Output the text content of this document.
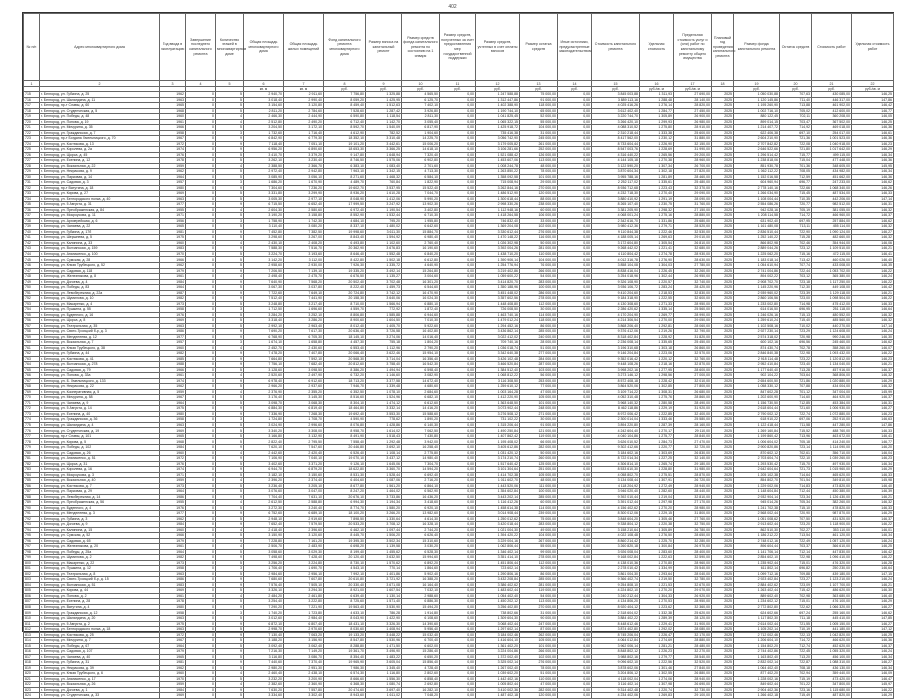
402
№ п/п	Адрес многоквартирного дома	Год ввода в эксплуатацию	Завершение последнего капитального ремонта	Количество этажей в многоквартирном доме	Общая площадь многоквартирного дома	Общая площадь жилых помещений	Фонд капитального ремонта многоквартирного дома	Размер взноса на капитальный ремонт	Размер средств фонда капитального ремонта по состоянию на 1 января	Размер средств, полученных за счет предоставления мер государственной поддержки	Размер средств, учтенных в счет оплаты взносов	Размер остатка средств	Иные источники, предусмотренные законодательством	Стоимость капитального ремонта	Удельная стоимость	Предельная стоимость услуг и (или) работ по капитальному ремонту общего имущества	Плановый год проведения капитального ремонта	Размер фонда капитального ремонта	Остаток средств	Стоимость работ	Удельная стоимость работ
1	2	3	4	5	6	7	8	9	10	11	12	13	14	15	16	17	18	19	20	21	22
					кв. м	кв. м	руб.	руб.	руб.	руб.	руб.	руб.	руб.	руб.	руб./кв. м	руб./кв. м		руб.	руб.	руб.	руб./кв. м
715	г. Белгород, ул. Губкина, д. 25	1962	0	5	2 940,70	2 911,60	7 756,80	1 325,88	4 565,50	0,00	1 247 588,88	75 000,00	0,00	3 845 003,88	1 311,93	27 690,00	2025	1 050 030,88	707,63	430 085,00	146,25
716	г. Белгород, ул. Шаландина, д. 11	1963	0	5	3 018,40	2 990,40	8 059,20	1 425,95	6 125,70	0,00	1 312 447,86	91 000,00	0,00	3 889 113,16	1 288,48	28 140,00	2025	1 120 145,86	711,40	446 317,00	147,86
717	г. Белгород, пр-т Славы, д. 60	1965	0	5	3 154,60	3 120,80	8 459,40	1 512,63	7 402,10	0,00	1 402 388,90	118 000,00	0,00	4 025 416,26	1 276,14	28 820,00	2025	1 195 260,90	713,88	461 902,00	146,42
718	г. Белгород, ул. Студенческая, д. 5	1968	0	5	2 811,20	2 784,60	7 528,60	1 287,42	3 926,80	0,00	1 190 744,10	65 000,00	0,00	3 612 402,40	1 284,77	27 450,00	2025	1 002 716,10	705,02	412 600,00	146,77
719	г. Белгород, ул. Победы, д. 48	1960	0	4	2 466,30	2 444,90	6 590,80	1 118,54	2 811,30	0,00	1 041 825,45	52 000,00	0,00	3 220 744,70	1 305,89	26 900,00	2025	880 122,45	702,11	360 208,00	146,05
720	г. Белгород, ул. Попова, д. 19	1961	0	4	2 512,80	2 490,20	6 712,40	1 142,70	3 055,40	0,00	1 065 322,15	55 000,00	0,00	3 266 420,10	1 299,93	26 980,00	2025	899 014,15	703,47	367 502,00	146,25
721	г. Белгород, ул. Мичурина, д. 35	1966	0	5	3 204,50	3 172,10	8 592,70	1 540,09	6 817,90	0,00	1 425 918,72	104 000,00	0,00	4 088 310,52	1 275,80	28 910,00	2025	1 214 407,72	714,92	469 018,00	146,36
722	г. Белгород, ул. Гражданская, д. 7	1958	0	3	1 732,60	1 716,40	4 612,90	782,52	1 904,60	0,00	735 416,38	31 000,00	0,00	2 310 218,44	1 333,38	25 600,00	2025	622 406,38	697,10	254 017,00	146,61
723	г. Белгород, пр-т Богдана Хмельницкого, д. 70	1967	0	9	6 842,90	6 779,30	18 352,10	3 310,48	14 225,70	0,00	3 056 742,90	245 000,00	0,00	8 417 562,00	1 230,12	31 880,00	2025	2 604 210,90	721,36	1 001 523,00	146,36
724	г. Белгород, ул. Костюкова, д. 13	1972	0	9	7 118,40	7 051,10	19 101,20	3 442,61	15 006,20	0,00	3 179 005,82	261 000,00	0,00	8 733 604,44	1 226,90	32 150,00	2025	2 707 842,82	722,08	1 040 918,00	146,23
725	г. Белгород, ул. Королева, д. 2а	1974	0	9	6 956,20	6 890,60	18 653,30	3 366,25	14 618,10	0,00	3 106 281,66	252 000,00	0,00	8 547 003,76	1 228,69	31 990,00	2025	2 646 522,66	721,80	1 017 642,00	146,29
726	г. Белгород, ул. Щорса, д. 45	1976	0	5	3 410,70	3 379,20	9 147,80	1 648,94	7 320,40	0,00	1 521 088,42	126 000,00	0,00	4 316 440,22	1 265,56	29 200,00	2025	1 296 514,42	715,77	499 115,00	146,34
727	г. Белгород, ул. Есенина, д. 12	1978	0	5	3 262,10	3 230,40	8 746,50	1 575,06	6 902,80	0,00	1 453 607,06	113 000,00	0,00	4 144 105,18	1 270,38	28 960,00	2025	1 238 818,06	715,04	477 448,00	146,36
728	г. Белгород, ул. Вокзальная, д. 22	1959	0	4	2 388,50	2 366,70	6 383,10	1 083,40	2 701,60	0,00	1 008 244,78	48 000,00	0,00	3 122 590,20	1 307,34	26 700,00	2025	851 930,78	701,36	348 605,00	145,95
729	г. Белгород, ул. Некрасова, д. 9	1962	0	5	2 972,40	2 942,80	7 963,10	1 342,15	4 713,30	0,00	1 263 850,22	78 000,00	0,00	3 870 604,34	1 302,18	27 820,00	2025	1 062 112,22	708,05	434 982,00	146,34
730	г. Белгород, ул. Парковая, д. 14	1964	0	5	3 085,90	3 056,10	8 271,60	1 468,32	6 584,10	0,00	1 358 092,58	101 000,00	0,00	3 955 788,16	1 281,89	28 460,00	2025	1 152 016,58	712,59	451 662,00	146,36
731	г. Белгород, ул. Садовая, д. 3	1957	0	3	1 686,20	1 670,90	4 489,70	760,84	1 822,90	0,00	715 008,94	29 000,00	0,00	2 252 117,02	1 335,61	25 480,00	2025	604 960,94	696,77	247 233,00	146,62
732	г. Белгород, пр-т Ватутина, д. 18	1980	0	9	7 304,60	7 236,20	19 602,70	3 537,95	15 522,40	0,00	3 262 844,16	270 000,00	0,00	8 936 712,68	1 223,43	32 370,00	2025	2 778 140,16	722,66	1 068 340,00	146,26
733	г. Белгород, ул. Кирова, д. 27	1969	0	5	3 331,80	3 299,90	8 936,20	1 610,28	7 044,70	0,00	1 486 512,90	120 000,00	0,00	4 232 718,30	1 270,40	29 090,00	2025	1 266 034,90	715,45	487 534,00	146,33
734	г. Белгород, ул. Белгородского полка, д. 40	1963	0	5	3 005,30	2 977,10	8 048,90	1 412,06	5 990,20	0,00	1 300 618,44	88 000,00	0,00	3 880 410,92	1 291,19	28 090,00	2025	1 108 004,44	710,35	442 206,00	147,14
735	г. Белгород, ул. 5 Августа, д. 31	1977	0	9	6 715,50	6 652,40	17 999,50	3 247,92	13 902,30	0,00	2 998 330,26	238 000,00	0,00	8 265 107,40	1 230,75	31 760,00	2025	2 554 086,26	720,77	982 512,00	146,31
736	г. Белгород, ул. Преображенская, д. 84	1955	0	4	2 604,30	2 580,60	6 972,40	1 190,54	3 402,80	0,00	1 112 948,16	60 000,00	0,00	3 381 205,90	1 298,32	27 150,00	2025	942 028,16	705,19	381 055,00	146,32
737	г. Белгород, ул. Мокроусова, д. 11	1971	0	5	3 190,20	3 158,80	8 552,90	1 532,44	6 710,30	0,00	1 418 264,58	106 000,00	0,00	4 068 001,24	1 275,16	28 880,00	2025	1 208 114,58	714,72	466 960,00	146,37
738	г. Белгород, ул. Архиерейская, д. 6	1956	0	3	1 758,90	1 742,30	4 684,10	795,20	1 955,80	0,00	746 832,40	33 000,00	0,00	2 342 616,70	1 331,86	25 680,00	2025	631 902,40	697,95	257 884,00	146,62
739	г. Белгород, ул. Чапаева, д. 22	1965	0	5	3 110,40	3 080,20	8 337,10	1 480,02	6 642,60	0,00	1 369 204,08	102 000,00	0,00	3 980 412,36	1 279,71	28 520,00	2025	1 161 480,08	713,11	455 114,00	146,32
740	г. Белгород, ул. Губкина, д. 17б	1981	0	9	7 452,80	7 382,50	19 998,60	3 611,30	15 884,70	0,00	3 330 612,44	276 000,00	0,00	9 110 844,38	1 222,46	32 530,00	2025	2 836 510,44	722,90	1 090 124,00	146,27
741	г. Белгород, ул. Шершнева, д. 5	1975	0	5	3 298,60	3 267,00	8 843,40	1 594,92	6 980,40	0,00	1 470 148,22	116 000,00	0,00	4 188 005,14	1 269,63	29 010,00	2025	1 252 140,22	715,28	482 660,00	146,32
742	г. Белгород, ул. Калинина, д. 33	1960	0	4	2 430,10	2 408,20	6 493,80	1 102,60	2 760,40	0,00	1 026 302,98	50 000,00	0,00	3 172 604,80	1 305,54	26 810,00	2025	866 802,98	702,46	354 944,00	146,06
743	г. Белгород, ул. Волчанская, д. 159	1983	0	9	7 588,30	7 516,70	20 362,90	3 676,83	16 190,60	0,00	3 392 004,26	281 000,00	0,00	9 268 442,02	1 221,41	32 680,00	2025	2 889 044,26	723,12	1 109 510,00	146,21
744	г. Белгород, ул. Апанасенко, д. 100	1970	0	5	3 224,70	3 193,60	8 646,40	1 552,48	6 840,20	0,00	1 438 710,20	110 000,00	0,00	4 110 804,42	1 274,78	28 930,00	2025	1 225 062,20	715,16	472 115,00	146,41
745	г. Белгород, ул. Сумская, д. 28	1966	0	5	3 142,20	3 112,00	8 422,80	1 502,18	6 612,80	0,00	1 390 906,14	104 000,00	0,00	4 012 316,78	1 276,90	28 630,00	2025	1 183 018,14	713,42	460 026,00	146,40
746	г. Белгород, ул. Князя Трубецкого, д. 52	1962	0	5	2 958,60	2 930,00	7 926,30	1 335,72	4 640,90	0,00	1 254 776,94	76 000,00	0,00	3 858 104,08	1 304,03	27 780,00	2025	1 054 610,94	707,74	433 008,00	146,35
747	г. Белгород, ул. Садовая, д. 118	1979	0	9	7 206,50	7 139,10	19 335,20	3 492,14	15 264,80	0,00	3 219 402,86	266 000,00	0,00	8 838 416,04	1 226,45	32 260,00	2025	2 741 004,86	722,44	1 053 702,00	146,22
748	г. Белгород, ул. Железнякова, д. 8	1961	0	4	2 498,40	2 475,70	6 676,50	1 135,27	3 004,60	0,00	1 059 600,22	54 000,00	0,00	3 254 018,96	1 302,44	26 950,00	2025	894 002,22	703,12	365 380,00	146,24
749	г. Белгород, ул. Дзгоева, д. 4	1984	0	9	7 640,90	7 568,20	20 502,40	3 702,48	16 301,20	0,00	3 414 820,70	283 000,00	0,00	9 326 108,90	1 220,57	32 740,00	2025	2 908 702,70	723,18	1 117 250,00	146,22
750	г. Белгород, ул. Победы, д. 83	1964	0	5	3 067,30	3 037,80	8 222,40	1 459,73	6 544,60	0,00	1 350 188,96	100 000,00	0,00	3 936 106,72	1 283,24	28 420,00	2025	1 145 220,96	712,30	449 108,00	146,42
751	г. Белгород, ул. Левобережная, д. 22а	1987	0	9	7 722,60	7 649,10	20 724,80	3 742,12	16 470,90	0,00	3 451 448,02	286 000,00	0,00	9 410 204,60	1 218,53	32 830,00	2025	2 939 960,02	723,39	1 129 118,00	146,21
752	г. Белгород, ул. Шумилова, д. 10	1982	0	9	7 512,40	7 441,90	20 158,30	3 640,06	16 024,30	0,00	3 357 602,56	278 000,00	0,00	9 184 318,90	1 222,55	32 600,00	2025	2 860 106,56	723,00	1 098 504,00	146,22
753	г. Белгород, ул. Макаренко, д. 4	1973	0	5	3 248,80	3 217,40	8 710,00	1 566,94	6 880,10	0,00	1 448 408,80	112 000,00	0,00	4 130 308,60	1 271,33	28 950,00	2025	1 233 002,80	714,98	475 412,00	146,33
754	г. Белгород, ул. Пушкина, д. 55	1958	0	3	1 712,50	1 696,60	4 559,70	772,92	1 872,40	0,00	726 008,50	30 000,00	0,00	2 286 420,62	1 335,14	25 560,00	2025	614 016,50	696,95	251 118,00	146,64
755	г. Белгород, ул. Буденного, д. 16	1976	0	5	3 284,20	3 252,10	8 806,80	1 585,88	6 944,60	0,00	1 463 740,16	114 000,00	0,00	4 170 204,90	1 269,77	28 990,00	2025	1 246 026,16	715,13	480 552,00	146,32
756	г. Белгород, ул. Щорса, д. 8	1969	0	5	3 318,40	3 286,20	8 900,60	1 604,50	7 010,30	0,00	1 479 012,24	118 000,00	0,00	4 214 306,54	1 270,00	29 050,00	2025	1 259 610,24	715,40	485 560,00	146,32
757	г. Белгород, ул. Театральная, д. 35	1963	0	5	2 992,10	2 963,40	8 012,40	1 405,70	5 922,60	0,00	1 294 452,16	86 000,00	0,00	3 868 206,40	1 292,81	28 060,00	2025	1 102 508,16	710,02	440 270,00	147,14
758	г. Белгород, ул. Свято-Троицкий б-р, д. 3	1986	0	9	7 690,20	7 617,30	20 636,40	3 726,58	16 402,80	0,00	3 436 862,14	285 000,00	0,00	9 376 412,06	1 219,26	32 790,00	2025	2 927 230,14	723,29	1 124 608,00	146,24
759	г. Белгород, ул. Менделеева, д. 12	1977	0	9	6 768,90	6 705,30	18 145,10	3 274,06	14 016,40	0,00	3 022 412,02	240 000,00	0,00	8 318 402,84	1 228,92	31 820,00	2025	2 574 318,02	720,98	990 246,00	146,30
760	г. Белгород, ул. Вокзальная, д. 7	1957	0	3	1 674,10	1 658,80	4 457,30	755,18	1 804,20	0,00	709 740,16	28 000,00	0,00	2 236 008,14	1 335,65	25 450,00	2025	600 102,16	696,56	245 460,00	146,62
761	г. Белгород, ул. Князя Трубецкого, д. 38	1960	0	4	2 452,70	2 430,60	6 553,40	1 112,96	2 790,20	0,00	1 036 018,74	51 000,00	0,00	3 196 310,68	1 303,18	26 860,00	2025	874 430,74	702,78	358 260,00	146,07
762	г. Белгород, ул. Губкина, д. 44	1982	0	9	7 478,20	7 407,80	20 066,40	3 622,46	15 954,10	0,00	3 342 640,38	277 000,00	0,00	9 146 204,84	1 223,06	32 570,00	2025	2 846 840,38	722,98	1 093 432,00	146,22
763	г. Белгород, ул. Костюкова, д. 41	1985	0	9	7 664,80	7 592,10	20 568,30	3 714,04	16 356,40	0,00	3 426 102,48	284 000,00	0,00	9 352 016,42	1 220,12	32 760,00	2025	2 918 114,48	723,22	1 120 812,00	146,23
764	г. Белгород, ул. Волчанская, д. 278	1988	0	9	7 756,10	7 682,40	20 812,60	3 758,40	16 542,30	0,00	3 466 520,84	287 000,00	0,00	9 448 108,26	1 218,16	32 870,00	2025	2 952 410,84	723,40	1 134 040,00	146,21
765	г. Белгород, ул. Садовая, д. 79	1966	0	5	3 128,60	3 098,50	8 386,20	1 494,94	6 598,40	0,00	1 384 512,40	103 000,00	0,00	3 998 202,16	1 277,95	28 600,00	2025	1 177 640,40	713,28	457 916,00	146,37
766	г. Белгород, ул. Попова, д. 33а	1961	0	4	2 520,60	2 497,90	6 732,20	1 146,60	3 082,90	0,00	1 068 812,22	56 000,00	0,00	3 273 146,12	1 298,56	27 000,00	2025	902 104,22	703,64	368 806,00	146,32
767	г. Белгород, ул. Б. Хмельницкого, д. 133	1974	0	9	6 978,40	6 912,60	18 713,20	3 377,58	14 672,40	0,00	3 116 308,50	253 000,00	0,00	8 572 408,18	1 228,42	32 010,00	2025	2 654 600,50	721,86	1 020 880,00	146,29
768	г. Белгород, ул. Некрасова, д. 22	1962	0	5	2 966,20	2 937,60	7 946,70	1 339,48	4 680,60	0,00	1 259 610,12	77 000,00	0,00	3 864 520,06	1 302,85	27 800,00	2025	1 058 330,12	707,88	434 004,00	146,32
769	г. Белгород, ул. Кооперативная, д. 5	1959	0	4	2 376,90	2 355,20	6 352,50	1 078,10	2 684,60	0,00	1 003 164,28	47 000,00	0,00	3 109 714,22	1 308,31	26 680,00	2025	847 602,28	701,12	347 004,00	145,99
770	г. Белгород, ул. Мичурина, д. 58	1967	0	5	3 176,40	3 145,30	8 516,60	1 524,96	6 682,10	0,00	1 412 220,90	105 000,00	0,00	4 052 310,48	1 275,76	28 860,00	2025	1 202 600,90	714,60	464 920,00	146,37
771	г. Белгород, ул. Чапаева, д. 9	1964	0	5	3 098,70	3 068,30	8 304,10	1 474,12	6 612,60	0,00	1 363 648,50	101 000,00	0,00	3 968 140,32	1 280,58	28 490,00	2025	1 156 730,50	712,85	453 384,00	146,31
772	г. Белгород, ул. 5 Августа, д. 14	1975	0	9	6 884,30	6 819,40	18 464,80	3 332,14	14 416,20	0,00	3 073 902,44	248 000,00	0,00	8 462 118,86	1 229,19	31 920,00	2025	2 618 604,44	721,60	1 006 930,00	146,27
773	г. Белгород, ул. Есенина, д. 40	1980	0	9	7 336,90	7 268,30	19 692,40	3 553,30	15 588,60	0,00	3 276 508,12	271 000,00	0,00	8 972 006,42	1 222,85	32 400,00	2025	2 790 002,12	722,74	1 072 880,00	146,23
774	г. Белгород, ул. Гражданская, д. 36	1958	0	3	1 724,80	1 708,70	4 590,90	778,62	1 890,20	0,00	731 102,22	30 000,00	0,00	2 300 014,04	1 333,46	25 580,00	2025	618 910,22	697,06	252 910,00	146,63
775	г. Белгород, ул. Шаландина, д. 4	1963	0	5	3 024,90	2 996,60	8 076,80	1 428,86	6 140,30	0,00	1 315 206,44	91 000,00	0,00	3 894 220,80	1 287,39	28 160,00	2025	1 122 418,44	711,58	447 280,00	147,86
776	г. Белгород, ул. Студенческая, д. 19	1969	0	5	3 340,20	3 308,00	8 958,70	1 614,02	7 062,50	0,00	1 490 250,84	121 000,00	0,00	4 242 604,40	1 270,17	29 110,00	2025	1 269 160,84	715,52	488 760,00	146,33
777	г. Белгород, пр-т Славы, д. 101	1965	0	5	3 166,80	3 132,90	8 491,90	1 518,43	7 430,80	0,00	1 407 862,42	119 000,00	0,00	4 040 104,86	1 275,77	28 840,00	2025	1 199 860,42	713,96	463 672,00	146,41
778	г. Белгород, ул. Кирова, д. 5	1968	0	5	2 822,40	2 795,50	7 558,40	1 292,48	3 942,00	0,00	1 195 408,02	66 000,00	0,00	3 626 010,52	1 284,73	27 470,00	2025	1 006 604,02	705,18	414 240,00	146,77
779	г. Белгород, ул. Победы, д. 102	1984	0	9	7 620,10	7 547,60	20 446,80	3 692,10	16 258,40	0,00	3 405 612,86	282 000,00	0,00	9 302 412,66	1 220,77	32 720,00	2025	2 900 820,86	723,14	1 114 090,00	146,20
780	г. Белгород, ул. Садовая, д. 26	1960	0	4	2 442,60	2 420,40	6 526,40	1 108,14	2 775,80	0,00	1 031 420,12	50 000,00	0,00	3 184 602,16	1 303,69	26 830,00	2025	870 602,12	702,61	356 710,00	146,04
781	г. Белгород, ул. Апанасенко, д. 51	1972	0	9	7 106,90	7 040,10	19 070,10	3 437,12	14 980,40	0,00	3 174 210,74	260 000,00	0,00	8 722 014,34	1 227,25	32 140,00	2025	2 703 604,74	722,10	1 039 260,00	146,23
782	г. Белгород, ул. Щорса, д. 31	1976	0	5	3 402,60	3 371,20	9 126,10	1 645,06	7 304,70	0,00	1 517 640,42	125 000,00	0,00	4 306 814,10	1 265,74	29 180,00	2025	1 293 530,42	715,70	497 930,00	146,34
783	г. Белгород, ул. Королева, д. 16	1974	0	9	6 944,70	6 879,20	18 622,80	3 360,70	14 594,20	0,00	3 101 304,64	251 000,00	0,00	8 533 610,30	1 228,80	31 980,00	2025	2 642 604,64	721,73	1 015 960,00	146,29
784	г. Белгород, ул. Мокроусова, д. 3	1971	0	5	3 182,10	3 150,60	8 531,30	1 528,44	6 692,40	0,00	1 414 702,38	105 000,00	0,00	4 058 802,70	1 275,51	28 870,00	2025	1 205 102,38	714,64	465 620,00	146,33
785	г. Белгород, ул. Вокзальная, д. 40	1959	0	4	2 396,20	2 374,40	6 404,60	1 087,06	2 716,20	0,00	1 011 602,70	48 000,00	0,00	3 134 008,44	1 307,91	26 720,00	2025	854 802,70	701,54	349 810,00	145,98
786	г. Белгород, ул. Костюкова, д. 7	1973	0	5	3 236,40	3 205,10	8 677,80	1 561,20	6 864,10	0,00	1 443 520,06	111 000,00	0,00	4 118 204,92	1 272,49	28 940,00	2025	1 229 002,06	714,83	473 820,00	146,40
787	г. Белгород, ул. Парковая, д. 29	1964	0	5	3 076,60	3 047,00	8 247,20	1 464,02	6 562,90	0,00	1 354 602,84	100 000,00	0,00	3 946 020,40	1 282,60	28 440,00	2025	1 148 604,84	712,44	450 380,00	146,39
788	г. Белгород, ул. Левобережная, д. 14	1986	0	9	7 704,40	7 631,10	20 676,10	3 733,86	16 436,20	0,00	3 443 202,14	285 000,00	0,00	9 392 010,44	1 219,04	32 810,00	2025	2 932 904,14	723,34	1 126 430,00	146,21
789	г. Белгород, ул. Преображенская, д. 56	1955	0	4	2 612,50	2 588,80	6 994,30	1 194,34	3 418,60	0,00	1 116 412,26	60 000,00	0,00	3 391 012,44	1 297,98	27 170,00	2025	945 014,26	705,34	382 260,00	146,32
790	г. Белгород, ул. Буденного, д. 4	1976	0	5	3 272,30	3 240,40	8 774,70	1 580,20	6 920,10	0,00	1 458 614,38	114 000,00	0,00	4 156 402,62	1 270,20	28 980,00	2025	1 241 702,38	715,10	478 820,00	146,33
791	г. Белгород, ул. Менделеева, д. 3	1977	0	9	6 752,60	6 689,10	18 100,20	3 266,20	13 982,60	0,00	3 014 908,44	239 000,00	0,00	8 300 012,06	1 229,15	31 800,00	2025	2 568 002,44	720,90	987 870,00	146,29
792	г. Белгород, ул. Губкина, д. 3	1962	0	5	2 948,10	2 919,60	7 898,50	1 330,64	4 614,30	0,00	1 250 012,62	75 000,00	0,00	3 848 604,20	1 305,46	27 760,00	2025	1 051 008,62	707,50	431 520,00	146,37
793	г. Белгород, ул. Дзгоева, д. 9	1984	0	9	7 652,40	7 579,50	20 533,20	3 708,12	16 328,10	0,00	3 420 018,44	283 000,00	0,00	9 338 804,12	1 220,38	32 750,00	2025	2 913 602,44	723,20	1 118 900,00	146,22
794	г. Белгород, ул. Калинина, д. 15	1960	0	4	2 418,40	2 396,60	6 462,10	1 097,44	2 744,20	0,00	1 021 004,30	49 000,00	0,00	3 158 210,64	1 305,89	26 780,00	2025	862 510,30	702,27	353 110,00	146,01
795	г. Белгород, ул. Сумская, д. 52	1966	0	5	3 150,90	3 120,60	8 445,70	1 506,20	6 626,40	0,00	1 394 420,22	104 000,00	0,00	4 022 108,48	1 276,50	28 650,00	2025	1 186 212,22	713,54	461 120,00	146,34
796	г. Белгород, ул. Садовая, д. 65	1979	0	9	7 228,80	7 161,20	19 395,30	3 502,34	15 310,60	0,00	3 229 004,16	267 000,00	0,00	8 860 214,42	1 225,70	32 280,00	2025	2 748 012,16	722,49	1 057 120,00	146,24
797	г. Белгород, ул. Железнякова, д. 20	1961	0	4	2 506,70	2 483,90	6 698,20	1 139,58	3 030,20	0,00	1 062 806,44	55 000,00	0,00	3 260 820,18	1 300,84	26 970,00	2025	896 604,44	703,37	366 610,00	146,25
798	г. Белгород, ул. Победы, д. 25а	1964	0	5	3 058,60	3 029,30	8 199,40	1 455,62	6 528,30	0,00	1 346 402,14	99 000,00	0,00	3 926 008,04	1 283,60	28 400,00	2025	1 141 706,14	712,14	447 830,00	146,42
799	г. Белгород, ул. Шумилова, д. 2	1982	0	9	7 498,60	7 428,40	20 120,40	3 632,50	15 994,60	0,00	3 351 414,10	278 000,00	0,00	9 168 002,84	1 222,63	32 590,00	2025	2 854 602,10	722,98	1 096 410,00	146,22
800	г. Белгород, ул. Макаренко, д. 22	1973	0	5	3 256,20	3 224,80	8 730,10	1 570,62	6 892,20	0,00	1 451 806,44	112 000,00	0,00	4 138 010,36	1 270,80	28 960,00	2025	1 235 902,44	715,01	476 320,00	146,28
801	г. Белгород, ул. Пушкина, д. 12	1958	0	3	1 706,40	1 690,70	4 543,10	770,14	1 864,60	0,00	723 602,14	30 000,00	0,00	2 278 010,42	1 334,99	25 540,00	2025	611 802,14	696,82	250 230,00	146,64
802	г. Белгород, ул. Театральная, д. 8	1963	0	5	2 984,60	2 956,10	7 992,10	1 401,86	5 902,40	0,00	1 290 806,16	86 000,00	0,00	3 861 004,30	1 293,64	28 040,00	2025	1 099 712,16	709,88	439 180,00	147,15
803	г. Белгород, ул. Свято-Троицкий б-р, д. 15	1986	0	9	7 680,60	7 607,80	20 610,80	3 721,92	16 388,20	0,00	3 432 208,84	285 000,00	0,00	9 366 402,74	1 219,50	32 780,00	2025	2 923 402,84	723,27	1 123 210,00	146,24
804	г. Белгород, ул. Волчанская, д. 51	1983	0	9	7 576,40	7 505,10	20 330,40	3 671,08	16 164,40	0,00	3 386 402,62	281 000,00	0,00	9 254 808,10	1 221,53	32 670,00	2025	2 884 402,62	723,09	1 107 700,00	146,21
805	г. Белгород, ул. Кирова, д. 44	1969	0	5	3 326,10	3 294,30	8 921,00	1 607,54	7 032,10	0,00	1 483 602,44	119 000,00	0,00	4 224 802,10	1 270,20	29 070,00	2025	1 263 402,44	715,42	486 620,00	146,30
806	г. Белгород, ул. Попова, д. 2	1961	0	4	2 484,20	2 461,80	6 639,40	1 130,14	2 988,60	0,00	1 054 402,40	54 000,00	0,00	3 240 212,44	1 304,33	26 920,00	2025	889 602,40	702,98	363 680,00	146,40
807	г. Белгород, ул. Есенина, д. 28	1978	0	5	3 254,40	3 222,80	8 725,60	1 571,40	6 886,30	0,00	1 450 202,12	113 000,00	0,00	4 134 806,20	1 270,53	28 950,00	2025	1 234 602,12	715,01	476 100,00	146,29
808	г. Белгород, ул. Ватутина, д. 4	1980	0	9	7 290,20	7 221,90	19 563,40	3 530,90	15 494,20	0,00	3 256 402,80	270 000,00	0,00	8 920 404,12	1 223,62	32 360,00	2025	2 772 802,80	722,62	1 066 320,00	146,27
809	г. Белгород, ул. Гражданская, д. 12	1958	0	3	1 740,20	1 723,80	4 633,10	786,28	1 914,80	0,00	738 802,66	31 000,00	0,00	2 318 604,02	1 332,38	25 620,00	2025	624 602,66	697,24	255 160,00	146,62
810	г. Белгород, ул. Шаландина, д. 20	1963	0	5	3 012,60	2 984,40	8 043,90	1 422,90	6 108,60	0,00	1 309 604,30	90 000,00	0,00	3 884 402,22	1 289,39	28 120,00	2025	1 117 802,30	711,18	445 410,00	147,85
811	г. Белгород, ул. 5 Августа, д. 2	1975	0	9	6 872,10	6 807,40	18 431,10	3 326,30	14 390,60	0,00	3 068 402,44	247 000,00	0,00	8 448 612,46	1 229,41	31 900,00	2025	2 614 002,44	721,55	1 005 150,00	146,27
812	г. Белгород, ул. Белгородского полка, д. 18	1963	0	5	2 998,70	2 970,60	8 030,60	1 408,94	5 956,40	0,00	1 297 602,14	87 000,00	0,00	3 874 402,80	1 292,02	28 080,00	2025	1 105 202,14	710,19	441 180,00	147,12
813	г. Белгород, ул. Костюкова, д. 25	1972	0	9	7 130,40	7 063,20	19 133,20	3 448,22	15 032,40	0,00	3 184 002,46	262 000,00	0,00	8 745 206,04	1 226,47	32 170,00	2025	2 712 002,46	722,13	1 042 820,00	146,25
814	г. Белгород, ул. Мичурина, д. 7	1967	0	5	3 188,20	3 156,90	8 547,80	1 530,96	6 700,40	0,00	1 416 604,10	105 000,00	0,00	4 064 012,84	1 274,69	28 880,00	2025	1 206 604,10	714,72	466 620,00	146,36
815	г. Белгород, ул. Победы, д. 67	1964	0	5	3 092,40	3 062,40	8 288,80	1 471,50	6 602,00	0,00	1 361 402,20	101 000,00	0,00	3 962 006,14	1 281,21	28 480,00	2025	1 154 802,20	712,74	452 620,00	146,37
816	г. Белгород, ул. Садовая, д. 107	1979	0	9	7 216,30	7 149,20	19 361,70	3 496,90	15 286,40	0,00	3 224 004,86	266 000,00	0,00	8 848 802,12	1 226,23	32 270,00	2025	2 744 402,86	722,45	1 055 320,00	146,24
817	г. Белгород, ул. Чапаева, д. 40	1965	0	5	3 116,80	3 086,70	8 354,40	1 483,22	6 650,20	0,00	1 372 002,40	102 000,00	0,00	3 988 802,16	1 279,77	28 540,00	2025	1 163 802,40	713,20	456 100,00	146,34
818	г. Белгород, ул. Губкина, д. 31	1981	0	9	7 440,60	7 370,40	19 965,90	3 605,04	15 856,40	0,00	3 325 002,14	276 000,00	0,00	9 096 602,10	1 222,56	32 520,00	2025	2 832 002,14	722,87	1 088 310,00	146,27
819	г. Белгород, ул. Некрасова, д. 39	1962	0	5	2 980,20	2 951,30	7 986,30	1 345,40	4 728,40	0,00	1 267 002,40	78 000,00	0,00	3 878 602,06	1 301,46	27 840,00	2025	1 064 402,40	708,18	436 130,00	146,34
820	г. Белгород, ул. Князя Трубецкого, д. 6	1960	0	4	2 460,40	2 438,10	6 574,30	1 116,80	2 802,60	0,00	1 039 602,20	51 000,00	0,00	3 204 806,12	1 302,55	26 880,00	2025	877 402,20	702,94	359 440,00	146,09
821	г. Белгород, ул. Апанасенко, д. 17	1970	0	5	3 232,20	3 200,90	8 666,60	1 556,30	6 858,40	0,00	1 442 402,16	110 000,00	0,00	4 118 002,04	1 274,06	28 940,00	2025	1 228 002,16	715,19	473 420,00	146,47
822	г. Белгород, ул. Вокзальная, д. 26	1959	0	4	2 382,60	2 360,90	6 368,30	1 080,74	2 692,80	0,00	1 005 802,44	47 000,00	0,00	3 116 402,14	1 307,98	26 690,00	2025	849 602,44	701,22	347 800,00	145,97
823	г. Белгород, ул. Дзгоева, д. 1	1984	0	9	7 630,20	7 557,80	20 474,60	3 697,40	16 282,10	0,00	3 410 002,36	282 000,00	0,00	9 314 402,48	1 220,74	32 730,00	2025	2 904 402,36	723,16	1 115 680,00	146,22
824	г. Белгород, ул. Студенческая, д. 33	1969	0	5	3 334,60	3 302,40	8 943,60	1 611,02	7 048,20	0,00	1 487 402,18	120 000,00	0,00	4 234 402,06	1 269,83	29 100,00	2025	1 266 402,18	715,49	487 820,00	146,29
